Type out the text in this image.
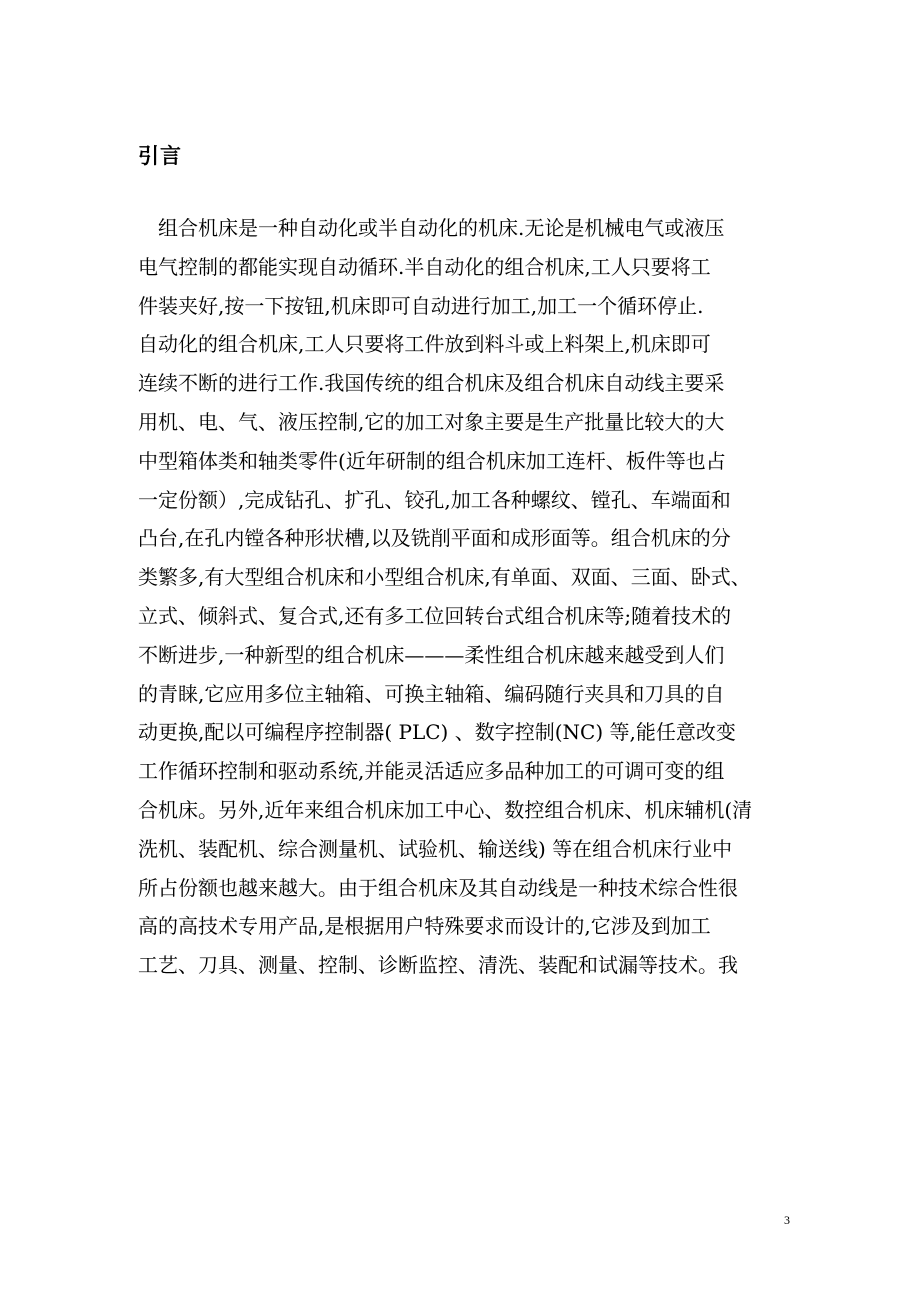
引言
　组合机床是一种自动化或半自动化的机床.无论是机械电气或液压
电气控制的都能实现自动循环.半自动化的组合机床,工人只要将工
件装夹好,按一下按钮,机床即可自动进行加工,加工一个循环停止.
自动化的组合机床,工人只要将工件放到料斗或上料架上,机床即可
连续不断的进行工作.我国传统的组合机床及组合机床自动线主要采
用机、电、气、液压控制,它的加工对象主要是生产批量比较大的大
中型箱体类和轴类零件(近年研制的组合机床加工连杆、板件等也占
一定份额）,完成钻孔、扩孔、铰孔,加工各种螺纹、镗孔、车端面和
凸台,在孔内镗各种形状槽,以及铣削平面和成形面等。组合机床的分
类繁多,有大型组合机床和小型组合机床,有单面、双面、三面、卧式、
立式、倾斜式、复合式,还有多工位回转台式组合机床等;随着技术的
不断进步,一种新型的组合机床———柔性组合机床越来越受到人们
的青睐,它应用多位主轴箱、可换主轴箱、编码随行夹具和刀具的自
动更换,配以可编程序控制器( PLC) 、数字控制(NC) 等,能任意改变
工作循环控制和驱动系统,并能灵活适应多品种加工的可调可变的组
合机床。另外,近年来组合机床加工中心、数控组合机床、机床辅机(清
洗机、装配机、综合测量机、试验机、输送线) 等在组合机床行业中
所占份额也越来越大。由于组合机床及其自动线是一种技术综合性很
高的高技术专用产品,是根据用户特殊要求而设计的,它涉及到加工
工艺、刀具、测量、控制、诊断监控、清洗、装配和试漏等技术。我
3
